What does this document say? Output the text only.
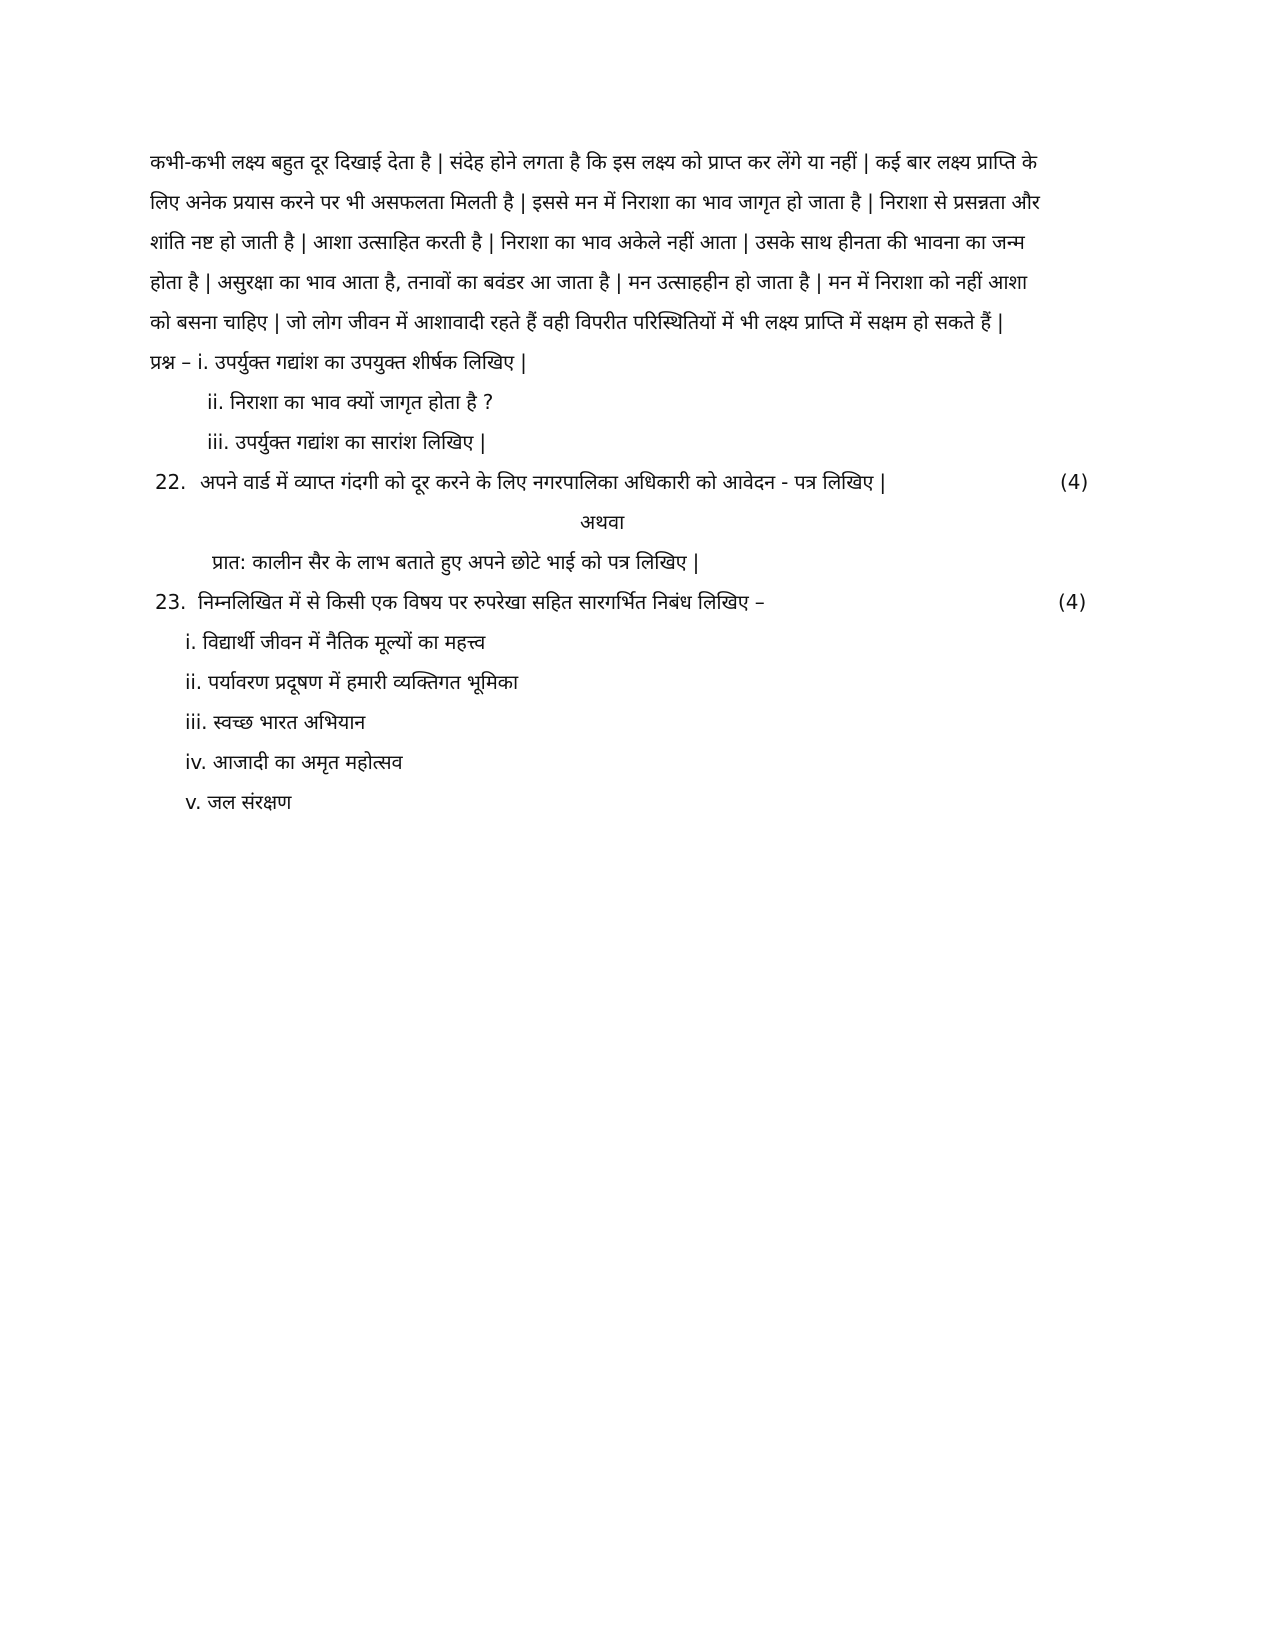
कभी-कभी लक्ष्य बहुत दूर दिखाई देता है | संदेह होने लगता है कि इस लक्ष्य को प्राप्त कर लेंगे या नहीं | कई बार लक्ष्य प्राप्ति के
लिए अनेक प्रयास करने पर भी असफलता मिलती है | इससे मन में निराशा का भाव जागृत हो जाता है | निराशा से प्रसन्नता और
शांति नष्ट हो जाती है | आशा उत्साहित करती है | निराशा का भाव अकेले नहीं आता | उसके साथ हीनता की भावना का जन्म
होता है | असुरक्षा का भाव आता है, तनावों का बवंडर आ जाता है | मन उत्साहहीन हो जाता है | मन में निराशा को नहीं आशा
को बसना चाहिए | जो लोग जीवन में आशावादी रहते हैं वही विपरीत परिस्थितियों में भी लक्ष्य प्राप्ति में सक्षम हो सकते हैं |
प्रश्न – i. उपर्युक्त गद्यांश का उपयुक्त शीर्षक लिखिए |
ii. निराशा का भाव क्यों जागृत होता है ?
iii. उपर्युक्त गद्यांश का सारांश लिखिए |
22. अपने वार्ड में व्याप्त गंदगी को दूर करने के लिए नगरपालिका अधिकारी को आवेदन - पत्र लिखिए |	(4)
अथवा
प्रात: कालीन सैर के लाभ बताते हुए अपने छोटे भाई को पत्र लिखिए |
23. निम्नलिखित में से किसी एक विषय पर रुपरेखा सहित सारगर्भित निबंध लिखिए –	(4)
i. विद्यार्थी जीवन में नैतिक मूल्यों का महत्त्व
ii. पर्यावरण प्रदूषण में हमारी व्यक्तिगत भूमिका
iii. स्वच्छ भारत अभियान
iv. आजादी का अमृत महोत्सव
v. जल संरक्षण
